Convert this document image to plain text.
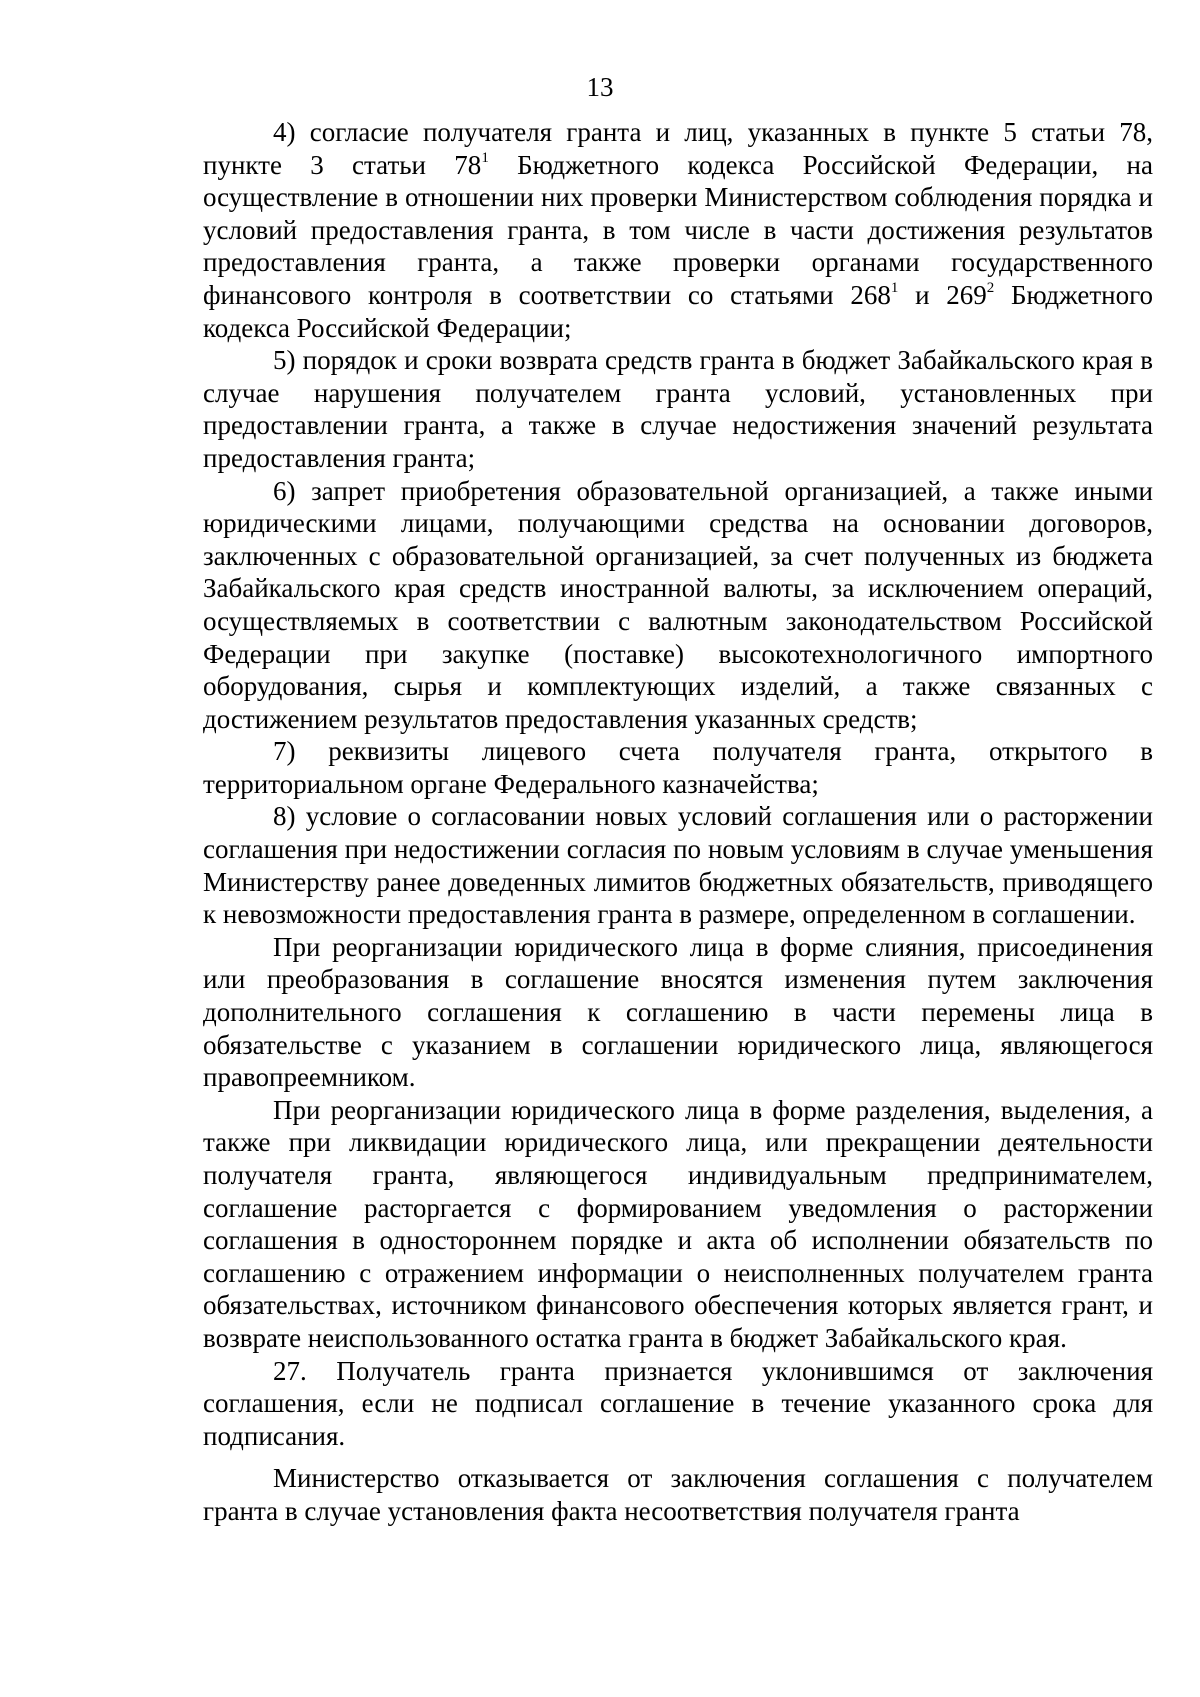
13

4) согласие получателя гранта и лиц, указанных в пункте 5 статьи 78, пункте 3 статьи $78^1$ Бюджетного кодекса Российской Федерации, на осуществление в отношении них проверки Министерством соблюдения порядка и условий предоставления гранта, в том числе в части достижения результатов предоставления гранта, а также проверки органами государственного финансового контроля в соответствии со статьями $268^1$ и $269^2$ Бюджетного кодекса Российской Федерации;

5) порядок и сроки возврата средств гранта в бюджет Забайкальского края в случае нарушения получателем гранта условий, установленных при предоставлении гранта, а также в случае недостижения значений результата предоставления гранта;

6) запрет приобретения образовательной организацией, а также иными юридическими лицами, получающими средства на основании договоров, заключенных с образовательной организацией, за счет полученных из бюджета Забайкальского края средств иностранной валюты, за исключением операций, осуществляемых в соответствии с валютным законодательством Российской Федерации при закупке (поставке) высокотехнологичного импортного оборудования, сырья и комплектующих изделий, а также связанных с достижением результатов предоставления указанных средств;

7) реквизиты лицевого счета получателя гранта, открытого в территориальном органе Федерального казначейства;

8) условие о согласовании новых условий соглашения или о расторжении соглашения при недостижении согласия по новым условиям в случае уменьшения Министерству ранее доведенных лимитов бюджетных обязательств, приводящего к невозможности предоставления гранта в размере, определенном в соглашении.

При реорганизации юридического лица в форме слияния, присоединения или преобразования в соглашение вносятся изменения путем заключения дополнительного соглашения к соглашению в части перемены лица в обязательстве с указанием в соглашении юридического лица, являющегося правопреемником.

При реорганизации юридического лица в форме разделения, выделения, а также при ликвидации юридического лица, или прекращении деятельности получателя гранта, являющегося индивидуальным предпринимателем, соглашение расторгается с формированием уведомления о расторжении соглашения в одностороннем порядке и акта об исполнении обязательств по соглашению с отражением информации о неисполненных получателем гранта обязательствах, источником финансового обеспечения которых является грант, и возврате неиспользованного остатка гранта в бюджет Забайкальского края.

27. Получатель гранта признается уклонившимся от заключения соглашения, если не подписал соглашение в течение указанного срока для подписания.

Министерство отказывается от заключения соглашения с получателем гранта в случае установления факта несоответствия получателя гранта
